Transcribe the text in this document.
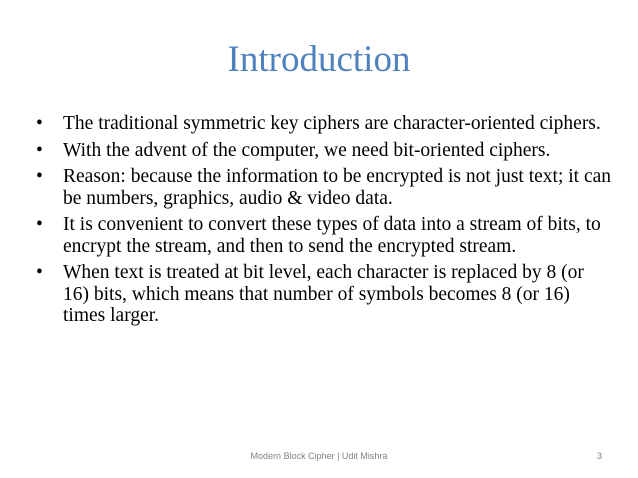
Introduction
• The traditional symmetric key ciphers are character-oriented ciphers.
• With the advent of the computer, we need bit-oriented ciphers.
• Reason: because the information to be encrypted is not just text; it can be numbers, graphics, audio & video data.
• It is convenient to convert these types of data into a stream of bits, to encrypt the stream, and then to send the encrypted stream.
• When text is treated at bit level, each character is replaced by 8 (or 16) bits, which means that number of symbols becomes 8 (or 16) times larger.
Modern Block Cipher | Udit Mishra	3
